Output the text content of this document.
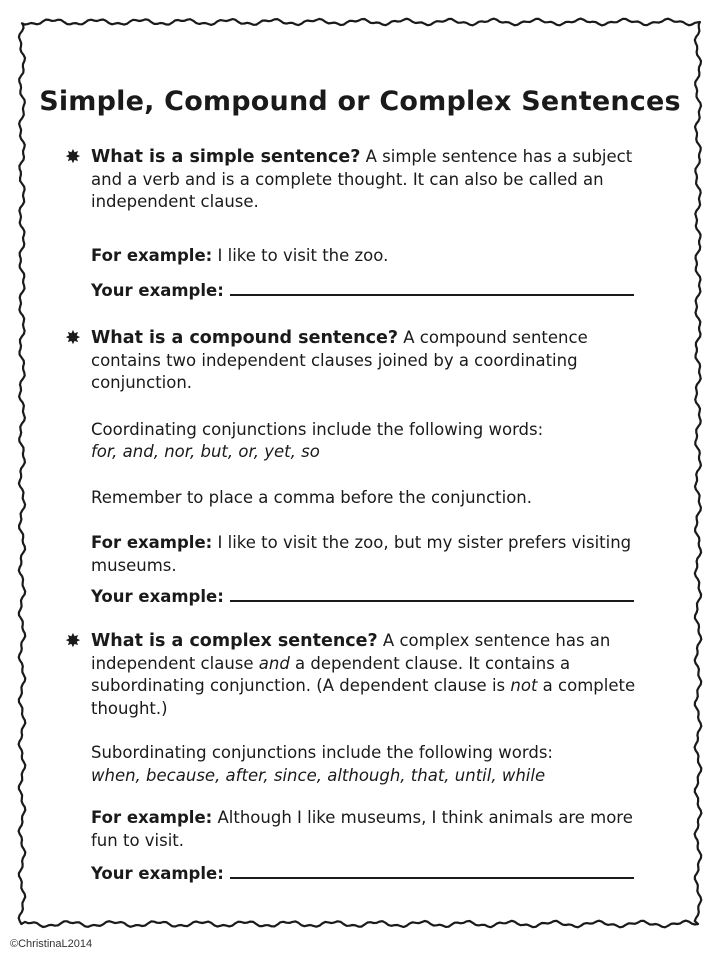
Simple, Compound or Complex Sentences
✸ What is a simple sentence? A simple sentence has a subject and a verb and is a complete thought. It can also be called an independent clause.

For example: I like to visit the zoo.

Your example:

✸ What is a compound sentence? A compound sentence contains two independent clauses joined by a coordinating conjunction.

Coordinating conjunctions include the following words:

for, and, nor, but, or, yet, so

Remember to place a comma before the conjunction.

For example: I like to visit the zoo, but my sister prefers visiting museums.

Your example:

✸ What is a complex sentence? A complex sentence has an independent clause and a dependent clause. It contains a subordinating conjunction. (A dependent clause is not a complete thought.)

Subordinating conjunctions include the following words:

when, because, after, since, although, that, until, while

For example: Although I like museums, I think animals are more fun to visit.

Your example:

©ChristinaL2014
